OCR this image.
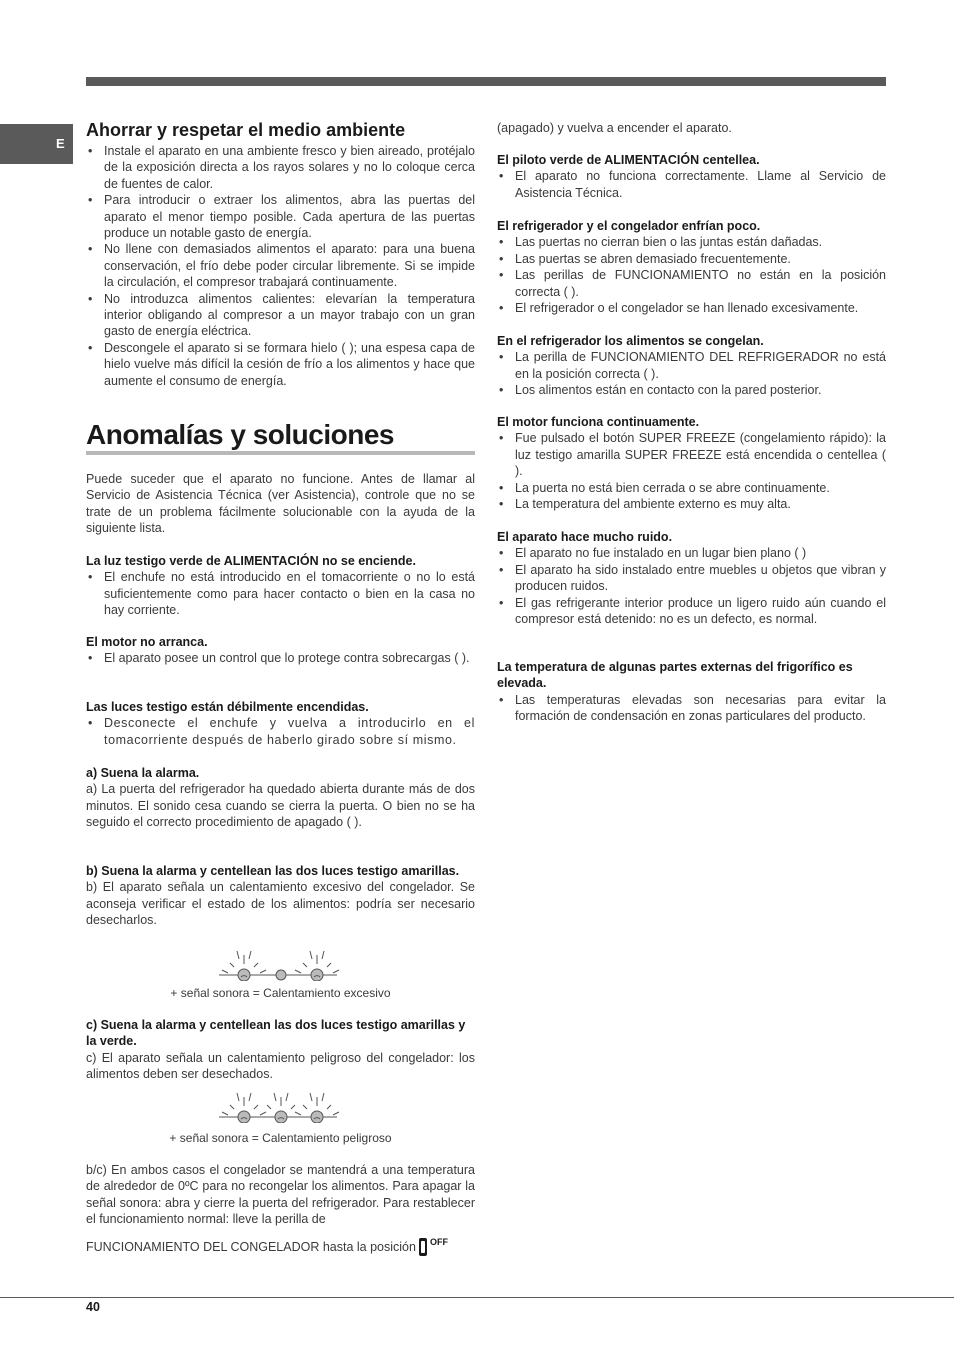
E
Ahorrar y respetar el medio ambiente
• Instale el aparato en una ambiente fresco y bien aireado, protéjalo de la exposición directa a los rayos solares y no lo coloque cerca de fuentes de calor.
• Para introducir o extraer los alimentos, abra las puertas del aparato el menor tiempo posible. Cada apertura de las puertas produce un notable gasto de energía.
• No llene con demasiados alimentos el aparato: para una buena conservación, el frío debe poder circular libremente. Si se impide la circulación, el compresor trabajará continuamente.
• No introduzca alimentos calientes: elevarían la temperatura interior obligando al compresor a un mayor trabajo con un gran gasto de energía eléctrica.
• Descongele el aparato si se formara hielo ( ); una espesa capa de hielo vuelve más difícil la cesión de frío a los alimentos y hace que aumente el consumo de energía.
Anomalías y soluciones

Puede suceder que el aparato no funcione. Antes de llamar al Servicio de Asistencia Técnica (ver Asistencia), controle que no se trate de un problema fácilmente solucionable con la ayuda de la siguiente lista.

La luz testigo verde de ALIMENTACIÓN no se enciende.

• El enchufe no está introducido en el tomacorriente o no lo está suficientemente como para hacer contacto o bien en la casa no hay corriente.

El motor no arranca.

• El aparato posee un control que lo protege contra sobrecargas ( ).

Las luces testigo están débilmente encendidas.

• Desconecte el enchufe y vuelva a introducirlo en el tomacorriente después de haberlo girado sobre sí mismo.

a) Suena la alarma.

a) La puerta del refrigerador ha quedado abierta durante más de dos minutos. El sonido cesa cuando se cierra la puerta. O bien no se ha seguido el correcto procedimiento de apagado ( ).

b) Suena la alarma y centellean las dos luces testigo amarillas.

b) El aparato señala un calentamiento excesivo del congelador. Se aconseja verificar el estado de los alimentos: podría ser necesario desecharlos.

+ señal sonora = Calentamiento excesivo

c) Suena la alarma y centellean las dos luces testigo amarillas y la verde.

c) El aparato señala un calentamiento peligroso del congelador: los alimentos deben ser desechados.

+ señal sonora = Calentamiento peligroso

b/c) En ambos casos el congelador se mantendrá a una temperatura de alrededor de 0ºC para no recongelar los alimentos. Para apagar la señal sonora: abra y cierre la puerta del refrigerador. Para restablecer el funcionamiento normal: lleve la perilla de

FUNCIONAMIENTO DEL CONGELADOR hasta la posición $^{OFF}$

(apagado) y vuelva a encender el aparato.

El piloto verde de ALIMENTACIÓN centellea.

• El aparato no funciona correctamente. Llame al Servicio de Asistencia Técnica.

El refrigerador y el congelador enfrían poco.

• Las puertas no cierran bien o las juntas están dañadas.
• Las puertas se abren demasiado frecuentemente.
• Las perillas de FUNCIONAMIENTO no están en la posición correcta ( ).
• El refrigerador o el congelador se han llenado excesivamente.

En el refrigerador los alimentos se congelan.

• La perilla de FUNCIONAMIENTO DEL REFRIGERADOR no está en la posición correcta ( ).
• Los alimentos están en contacto con la pared posterior.

El motor funciona continuamente.

• Fue pulsado el botón SUPER FREEZE (congelamiento rápido): la luz testigo amarilla SUPER FREEZE está encendida o centellea ( ).
• La puerta no está bien cerrada o se abre continuamente.
• La temperatura del ambiente externo es muy alta.

El aparato hace mucho ruido.

• El aparato no fue instalado en un lugar bien plano ( )
• El aparato ha sido instalado entre muebles u objetos que vibran y producen ruidos.
• El gas refrigerante interior produce un ligero ruido aún cuando el compresor está detenido: no es un defecto, es normal.

La temperatura de algunas partes externas del frigorífico es elevada.

• Las temperaturas elevadas son necesarias para evitar la formación de condensación en zonas particulares del producto.
40
